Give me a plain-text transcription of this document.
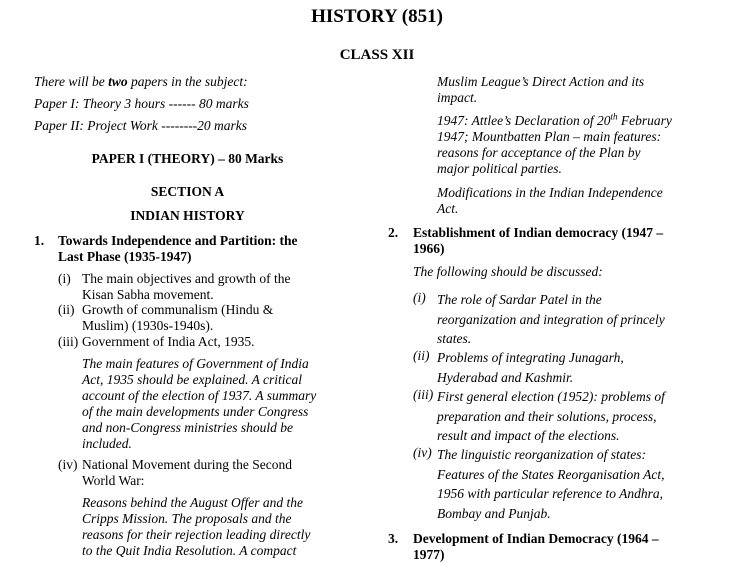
HISTORY (851)
CLASS XII
There will be two papers in the subject:
Paper I: Theory 3 hours ------ 80 marks
Paper II: Project Work --------20 marks
PAPER I (THEORY) – 80 Marks
SECTION A
INDIAN HISTORY
1. Towards Independence and Partition: the
Last Phase (1935-1947)
(i) The main objectives and growth of the
Kisan Sabha movement.
(ii) Growth of communalism (Hindu &
Muslim) (1930s-1940s).
(iii) Government of India Act, 1935.
The main features of Government of India
Act, 1935 should be explained. A critical
account of the election of 1937. A summary
of the main developments under Congress
and non-Congress ministries should be
included.
(iv) National Movement during the Second
World War:
Reasons behind the August Offer and the
Cripps Mission. The proposals and the
reasons for their rejection leading directly
to the Quit India Resolution. A compact
Muslim League’s Direct Action and its
impact.
1947: Attlee’s Declaration of 20th February
1947; Mountbatten Plan – main features:
reasons for acceptance of the Plan by
major political parties.
Modifications in the Indian Independence
Act.
2. Establishment of Indian democracy (1947 –
1966)
The following should be discussed:
(i) The role of Sardar Patel in the
reorganization and integration of princely
states.
(ii) Problems of integrating Junagarh,
Hyderabad and Kashmir.
(iii) First general election (1952): problems of
preparation and their solutions, process,
result and impact of the elections.
(iv) The linguistic reorganization of states:
Features of the States Reorganisation Act,
1956 with particular reference to Andhra,
Bombay and Punjab.
3. Development of Indian Democracy (1964 –
1977)
